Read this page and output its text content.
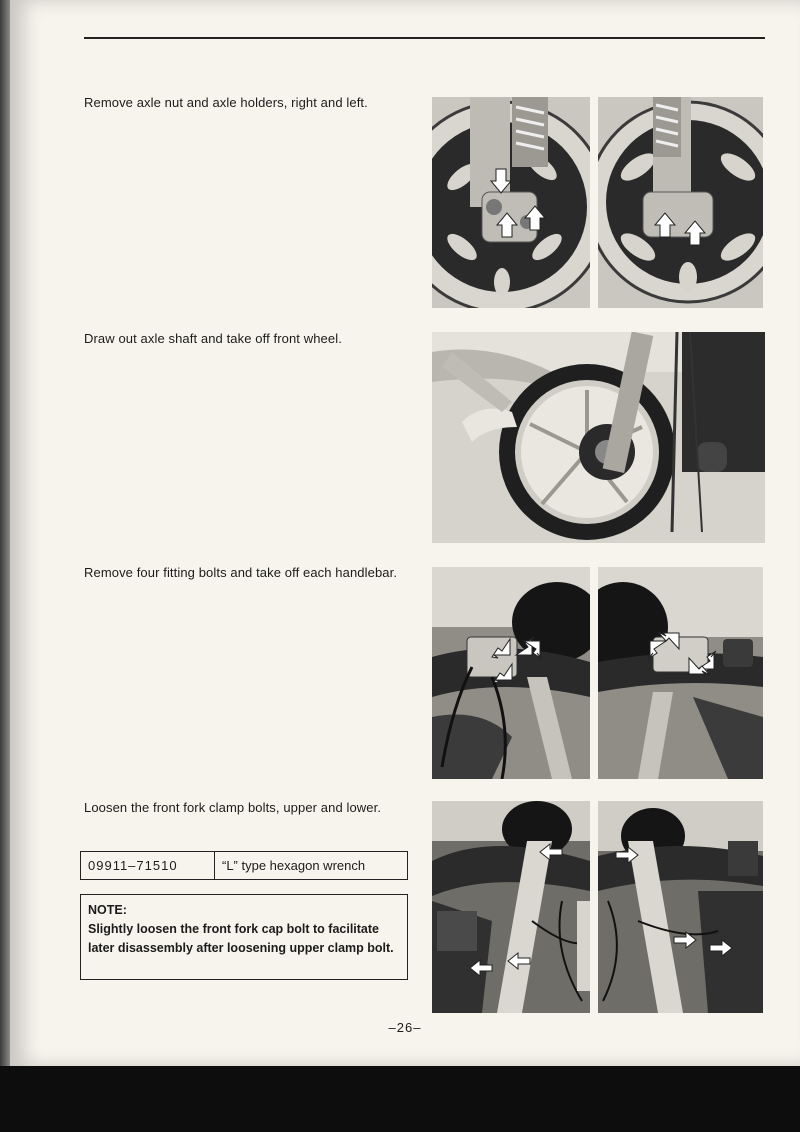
Remove axle nut and axle holders, right and left.
Draw out axle shaft and take off front wheel.
Remove four fitting bolts and take off each handlebar.
Loosen the front fork clamp bolts, upper and lower.
09911–71510	“L” type hexagon wrench
NOTE:
Slightly loosen the front fork cap bolt to facilitate later disassembly after loosening upper clamp bolt.
–26–
